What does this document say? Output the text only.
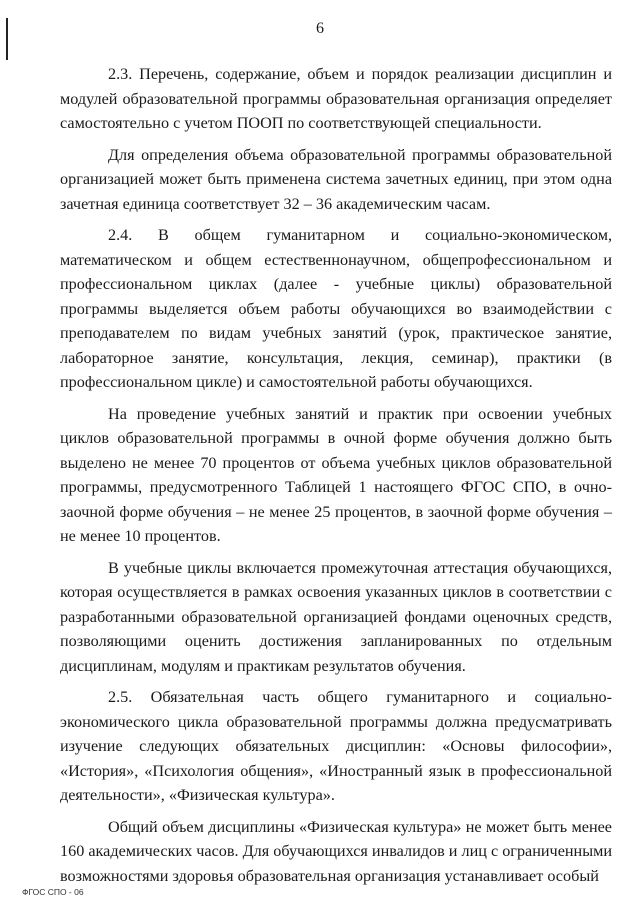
6

2.3. Перечень, содержание, объем и порядок реализации дисциплин и модулей образовательной программы образовательная организация определяет самостоятельно с учетом ПООП по соответствующей специальности.

Для определения объема образовательной программы образовательной организацией может быть применена система зачетных единиц, при этом одна зачетная единица соответствует 32 – 36 академическим часам.

2.4. В общем гуманитарном и социально-экономическом, математическом и общем естественнонаучном, общепрофессиональном и профессиональном циклах (далее - учебные циклы) образовательной программы выделяется объем работы обучающихся во взаимодействии с преподавателем по видам учебных занятий (урок, практическое занятие, лабораторное занятие, консультация, лекция, семинар), практики (в профессиональном цикле) и самостоятельной работы обучающихся.

На проведение учебных занятий и практик при освоении учебных циклов образовательной программы в очной форме обучения должно быть выделено не менее 70 процентов от объема учебных циклов образовательной программы, предусмотренного Таблицей 1 настоящего ФГОС СПО, в очно-заочной форме обучения – не менее 25 процентов, в заочной форме обучения – не менее 10 процентов.

В учебные циклы включается промежуточная аттестация обучающихся, которая осуществляется в рамках освоения указанных циклов в соответствии с разработанными образовательной организацией фондами оценочных средств, позволяющими оценить достижения запланированных по отдельным дисциплинам, модулям и практикам результатов обучения.

2.5. Обязательная часть общего гуманитарного и социально-экономического цикла образовательной программы должна предусматривать изучение следующих обязательных дисциплин: «Основы философии», «История», «Психология общения», «Иностранный язык в профессиональной деятельности», «Физическая культура».

Общий объем дисциплины «Физическая культура» не может быть менее 160 академических часов. Для обучающихся инвалидов и лиц с ограниченными возможностями здоровья образовательная организация устанавливает особый

ФГОС СПО - 06
